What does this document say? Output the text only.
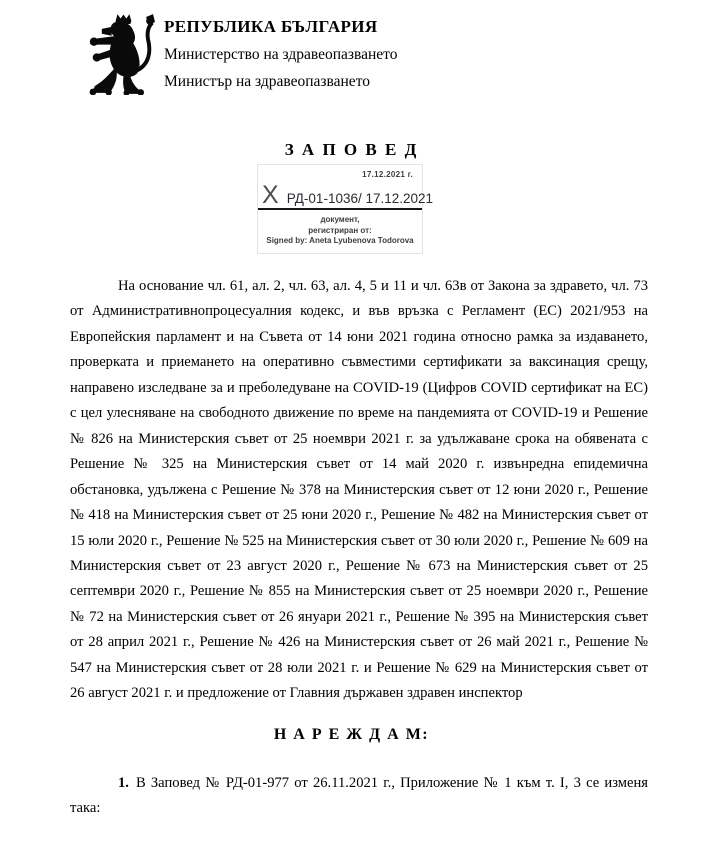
РЕПУБЛИКА БЪЛГАРИЯ
Министерство на здравеопазването
Министър на здравеопазването
З А П О В Е Д
17.12.2021 г.
X РД-01-1036/ 17.12.2021
документ,
регистриран от:
Signed by: Aneta Lyubenova Todorova
На основание чл. 61, ал. 2, чл. 63, ал. 4, 5 и 11 и чл. 63в от Закона за здравето, чл. 73 от Административнопроцесуалния кодекс, и във връзка с Регламент (ЕС) 2021/953 на Европейския парламент и на Съвета от 14 юни 2021 година относно рамка за издаването, проверката и приемането на оперативно съвместими сертификати за ваксинация срещу, направено изследване за и преболедуване на COVID-19 (Цифров COVID сертификат на ЕС) с цел улесняване на свободното движение по време на пандемията от COVID-19 и Решение № 826 на Министерския съвет от 25 ноември 2021 г. за удължаване срока на обявената с Решение № 325 на Министерския съвет от 14 май 2020 г. извънредна епидемична обстановка, удължена с Решение № 378 на Министерския съвет от 12 юни 2020 г., Решение № 418 на Министерския съвет от 25 юни 2020 г., Решение № 482 на Министерския съвет от 15 юли 2020 г., Решение № 525 на Министерския съвет от 30 юли 2020 г., Решение № 609 на Министерския съвет от 23 август 2020 г., Решение № 673 на Министерския съвет от 25 септември 2020 г., Решение № 855 на Министерския съвет от 25 ноември 2020 г., Решение № 72 на Министерския съвет от 26 януари 2021 г., Решение № 395 на Министерския съвет от 28 април 2021 г., Решение № 426 на Министерския съвет от 26 май 2021 г., Решение № 547 на Министерския съвет от 28 юли 2021 г. и Решение № 629 на Министерския съвет от 26 август 2021 г. и предложение от Главния държавен здравен инспектор
Н А Р Е Ж Д А М:
1. В Заповед № РД-01-977 от 26.11.2021 г., Приложение № 1 към т. I, 3 се изменя така:
